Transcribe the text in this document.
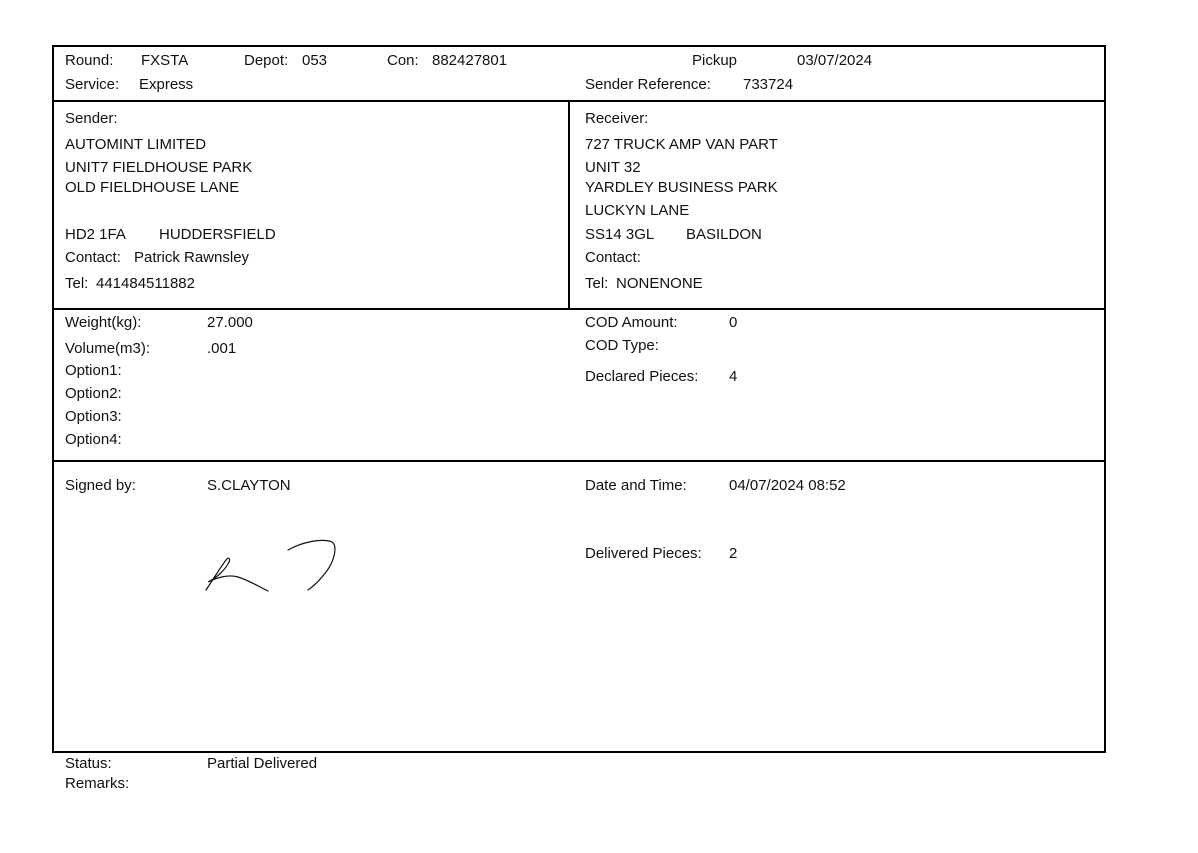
Round: FXSTA	Depot: 053	Con: 882427801	Pickup	03/07/2024
Service: Express	Sender Reference: 733724
Sender:
AUTOMINT LIMITED
UNIT7 FIELDHOUSE PARK
OLD FIELDHOUSE LANE
HD2 1FA HUDDERSFIELD
Contact: Patrick Rawnsley
Tel: 441484511882
Receiver:
727 TRUCK AMP VAN PART
UNIT 32
YARDLEY BUSINESS PARK
LUCKYN LANE
SS14 3GL BASILDON
Contact:
Tel: NONENONE
Weight(kg):	27.000
Volume(m3):	.001
Option1:
Option2:
Option3:
Option4:
COD Amount:	0
COD Type:
Declared Pieces: 4
Signed by:	S.CLAYTON	Date and Time:	04/07/2024 08:52
Delivered Pieces: 2
Status:	Partial Delivered
Remarks:
